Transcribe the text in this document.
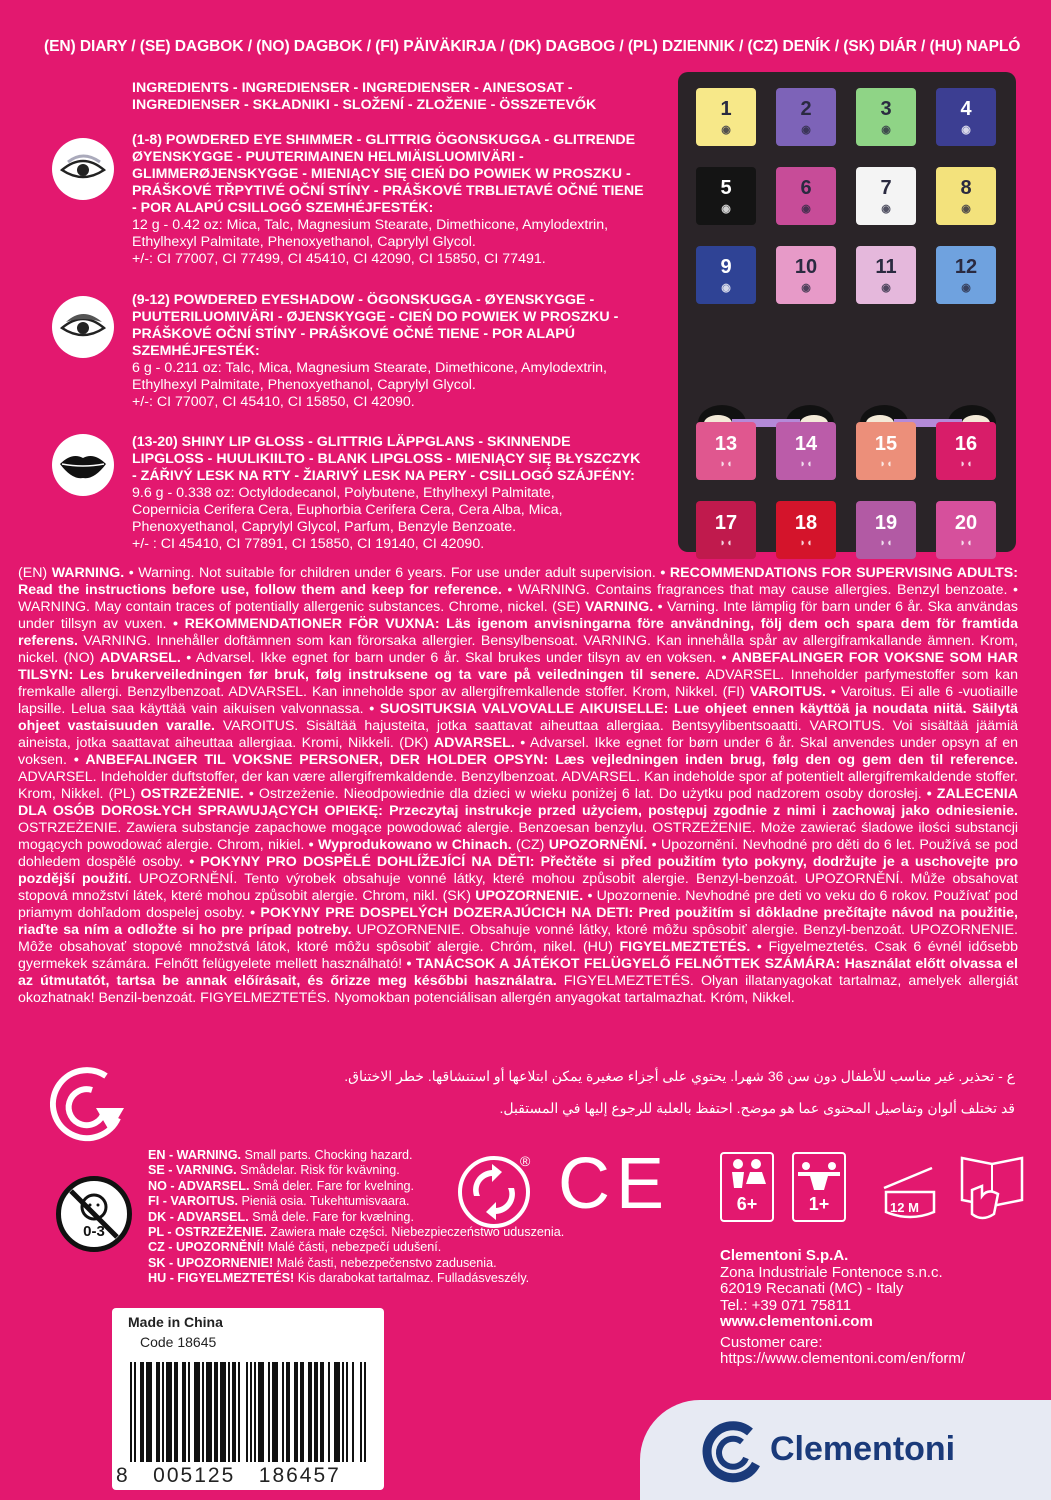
(EN) DIARY / (SE) DAGBOK / (NO) DAGBOK / (FI) PÄIVÄKIRJA / (DK) DAGBOG / (PL) DZIENNIK / (CZ) DENÍK / (SK) DIÁR / (HU) NAPLÓ
INGREDIENTS - INGREDIENSER - INGREDIENSER - AINESOSAT -
INGREDIENSER - SKŁADNIKI - SLOŽENÍ - ZLOŽENIE - ÖSSZETEVŐK
(1-8) POWDERED EYE SHIMMER - GLITTRIG ÖGONSKUGGA - GLITRENDE
ØYENSKYGGE - PUUTERIMAINEN HELMIÄISLUOMIVÄRI -
GLIMMERØJENSKYGGE - MIENIĄCY SIĘ CIEŃ DO POWIEK W PROSZKU -
PRÁŠKOVÉ TŘPYTIVÉ OČNÍ STÍNY - PRÁŠKOVÉ TRBLIETAVÉ OČNÉ TIENE
- POR ALAPÚ CSILLOGÓ SZEMHÉJFESTÉK:
12 g - 0.42 oz: Mica, Talc, Magnesium Stearate, Dimethicone, Amylodextrin,
Ethylhexyl Palmitate, Phenoxyethanol, Caprylyl Glycol.
+/-: CI 77007, CI 77499, CI 45410, CI 42090, CI 15850, CI 77491.
(9-12) POWDERED EYESHADOW - ÖGONSKUGGA - ØYENSKYGGE -
PUUTERILUOMIVÄRI - ØJENSKYGGE - CIEŃ DO POWIEK W PROSZKU -
PRÁŠKOVÉ OČNÍ STÍNY - PRÁŠKOVÉ OČNÉ TIENE - POR ALAPÚ
SZEMHÉJFESTÉK:
6 g - 0.211 oz: Talc, Mica, Magnesium Stearate, Dimethicone, Amylodextrin,
Ethylhexyl Palmitate, Phenoxyethanol, Caprylyl Glycol.
+/-: CI 77007, CI 45410, CI 15850, CI 42090.
(13-20) SHINY LIP GLOSS - GLITTRIG LÄPPGLANS - SKINNENDE
LIPGLOSS - HUULIKIILTO - BLANK LIPGLOSS - MIENIĄCY SIĘ BŁYSZCZYK
- ZÁŘIVÝ LESK NA RTY - ŽIARIVÝ LESK NA PERY - CSILLOGÓ SZÁJFÉNY:
9.6 g - 0.338 oz: Octyldodecanol, Polybutene, Ethylhexyl Palmitate,
Copernicia Cerifera Cera, Euphorbia Cerifera Cera, Cera Alba, Mica,
Phenoxyethanol, Caprylyl Glycol, Parfum, Benzyle Benzoate.
+/- : CI 45410, CI 77891, CI 15850, CI 19140, CI 42090.
1
◉
2
◉
3
◉
4
◉
5
◉
6
◉
7
◉
8
◉
9
◉
10
◉
11
◉
12
◉
13
◗◖
14
◗◖
15
◗◖
16
◗◖
17
◗◖
18
◗◖
19
◗◖
20
◗◖
(EN) WARNING. • Warning. Not suitable for children under 6 years. For use under adult supervision. • RECOMMENDATIONS FOR SUPERVISING ADULTS: Read the instructions before use, follow them and keep for reference. • WARNING. Contains fragrances that may cause allergies. Benzyl benzoate. • WARNING. May contain traces of potentially allergenic substances. Chrome, nickel. (SE) VARNING. • Varning. Inte lämplig för barn under 6 år. Ska användas under tillsyn av vuxen. • REKOMMENDATIONER FÖR VUXNA: Läs igenom anvisningarna före användning, följ dem och spara dem för framtida referens. VARNING. Innehåller doftämnen som kan förorsaka allergier. Bensylbensoat. VARNING. Kan innehålla spår av allergiframkallande ämnen. Krom, nickel. (NO) ADVARSEL. • Advarsel. Ikke egnet for barn under 6 år. Skal brukes under tilsyn av en voksen. • ANBEFALINGER FOR VOKSNE SOM HAR TILSYN: Les brukerveiledningen før bruk, følg instruksene og ta vare på veiledningen til senere. ADVARSEL. Inneholder parfymestoffer som kan fremkalle allergi. Benzylbenzoat. ADVARSEL. Kan inneholde spor av allergifremkallende stoffer. Krom, Nikkel. (FI) VAROITUS. • Varoitus. Ei alle 6 -vuotiaille lapsille. Lelua saa käyttää vain aikuisen valvonnassa. • SUOSITUKSIA VALVOVALLE AIKUISELLE: Lue ohjeet ennen käyttöä ja noudata niitä. Säilytä ohjeet vastaisuuden varalle. VAROITUS. Sisältää hajusteita, jotka saattavat aiheuttaa allergiaa. Bentsyylibentsoaatti. VAROITUS. Voi sisältää jäämiä aineista, jotka saattavat aiheuttaa allergiaa. Kromi, Nikkeli. (DK) ADVARSEL. • Advarsel. Ikke egnet for børn under 6 år. Skal anvendes under opsyn af en voksen. • ANBEFALINGER TIL VOKSNE PERSONER, DER HOLDER OPSYN: Læs vejledningen inden brug, følg den og gem den til reference. ADVARSEL. Indeholder duftstoffer, der kan være allergifremkaldende. Benzylbenzoat. ADVARSEL. Kan indeholde spor af potentielt allergifremkaldende stoffer. Krom, Nikkel. (PL) OSTRZEŻENIE. • Ostrzeżenie. Nieodpowiednie dla dzieci w wieku poniżej 6 lat. Do użytku pod nadzorem osoby dorosłej. • ZALECENIA DLA OSÓB DOROSŁYCH SPRAWUJĄCYCH OPIEKĘ: Przeczytaj instrukcje przed użyciem, postępuj zgodnie z nimi i zachowaj jako odniesienie. OSTRZEŻENIE. Zawiera substancje zapachowe mogące powodować alergie. Benzoesan benzylu. OSTRZEŻENIE. Może zawierać śladowe ilości substancji mogących powodować alergie. Chrom, nikiel. • Wyprodukowano w Chinach. (CZ) UPOZORNĚNÍ. • Upozornění. Nevhodné pro děti do 6 let. Používá se pod dohledem dospělé osoby. • POKYNY PRO DOSPĚLÉ DOHLÍŽEJÍCÍ NA DĚTI: Přečtěte si před použitím tyto pokyny, dodržujte je a uschovejte pro pozdější použití. UPOZORNĚNÍ. Tento výrobek obsahuje vonné látky, které mohou způsobit alergie. Benzyl-benzoát. UPOZORNĚNÍ. Může obsahovat stopová množství látek, které mohou způsobit alergie. Chrom, nikl. (SK) UPOZORNENIE. • Upozornenie. Nevhodné pre deti vo veku do 6 rokov. Používať pod priamym dohľadom dospelej osoby. • POKYNY PRE DOSPELÝCH DOZERAJÚCICH NA DETI: Pred použitím si dôkladne prečítajte návod na použitie, riaďte sa ním a odložte si ho pre prípad potreby. UPOZORNENIE. Obsahuje vonné látky, ktoré môžu spôsobiť alergie. Benzyl-benzoát. UPOZORNENIE. Môže obsahovať stopové množstvá látok, ktoré môžu spôsobiť alergie. Chróm, nikel. (HU) FIGYELMEZTETÉS. • Figyelmeztetés. Csak 6 évnél idősebb gyermekek számára. Felnőtt felügyelete mellett használható! • TANÁCSOK A JÁTÉKOT FELÜGYELŐ FELNŐTTEK SZÁMÁRA: Használat előtt olvassa el az útmutatót, tartsa be annak előírásait, és őrizze meg későbbi használatra. FIGYELMEZTETÉS. Olyan illatanyagokat tartalmaz, amelyek allergiát okozhatnak! Benzil-benzoát. FIGYELMEZTETÉS. Nyomokban potenciálisan allergén anyagokat tartalmazhat. Króm, Nikkel.
ع - تحذير. غير مناسب للأطفال دون سن 36 شهرا. يحتوي على أجزاء صغيرة يمكن ابتلاعها أو استنشاقها. خطر الاختناق.
قد تختلف ألوان وتفاصيل المحتوى عما هو موضح. احتفظ بالعلبة للرجوع إليها في المستقبل.
0-3
EN - WARNING. Small parts. Chocking hazard.
SE - VARNING. Smådelar. Risk för kvävning.
NO - ADVARSEL. Små deler. Fare for kvelning.
FI - VAROITUS. Pieniä osia. Tukehtumisvaara.
DK - ADVARSEL. Små dele. Fare for kvælning.
PL - OSTRZEŻENIE. Zawiera małe części. Niebezpieczeństwo uduszenia.
CZ - UPOZORNĚNÍ! Malé části, nebezpečí udušení.
SK - UPOZORNENIE! Malé časti, nebezpečenstvo zadusenia.
HU - FIGYELMEZTETÉS! Kis darabokat tartalmaz. Fulladásveszély.
® CE	6+	1+	12 M
Clementoni S.p.A.
Zona Industriale Fontenoce s.n.c.
62019 Recanati (MC) - Italy
Tel.: +39 071 75811
www.clementoni.com
Customer care:
https://www.clementoni.com/en/form/
Made in China
Code 18645
8   005125   186457
Clementoni
